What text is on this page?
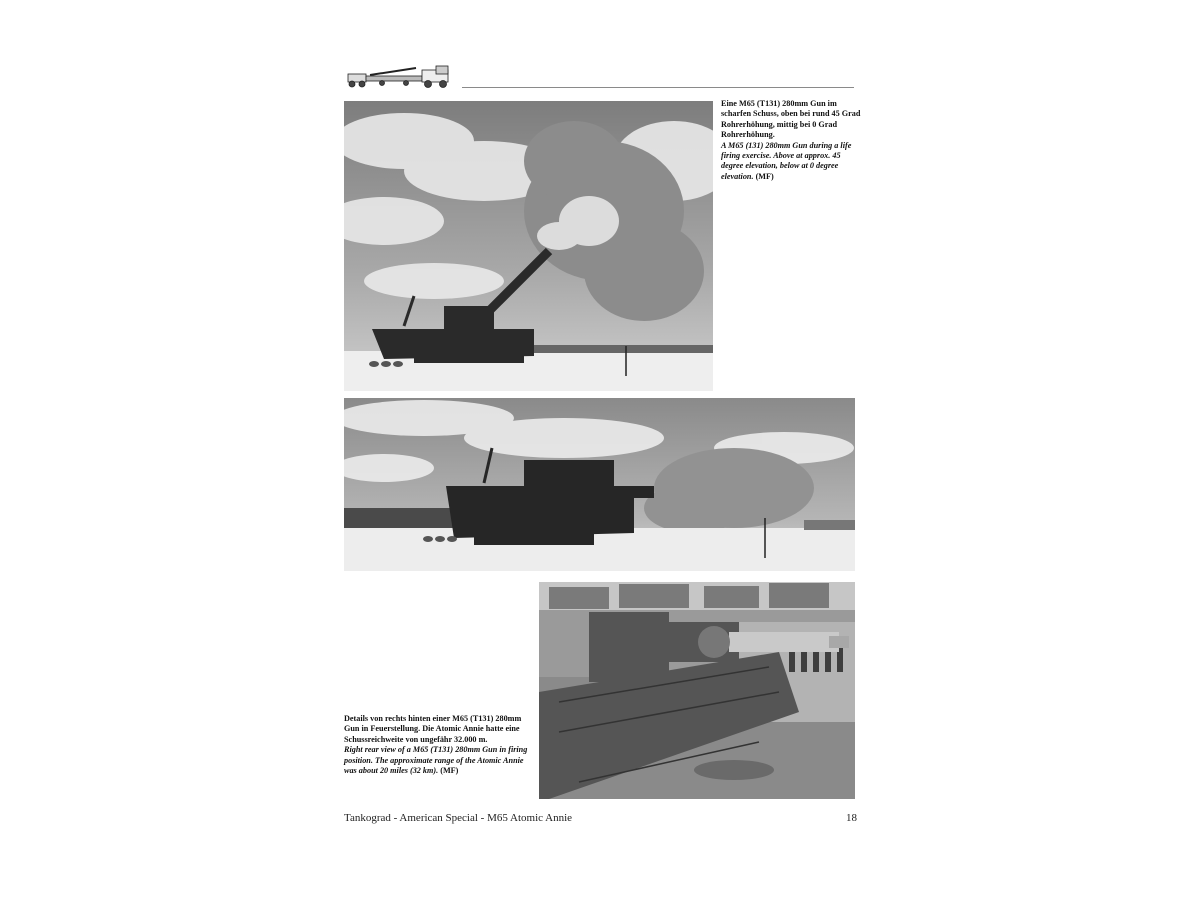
Eine M65 (T131) 280mm Gun im scharfen Schuss, oben bei rund 45 Grad Rohrerhöhung, mittig bei 0 Grad Rohrerhöhung.
A M65 (131) 280mm Gun during a life firing exercise. Above at approx. 45 degree elevation, below at 0 degree elevation. (MF)
Details von rechts hinten einer M65 (T131) 280mm Gun in Feuerstellung. Die Atomic Annie hatte eine Schussreichweite von ungefähr 32.000 m.
Right rear view of a M65 (T131) 280mm Gun in firing position. The approximate range of the Atomic Annie was about 20 miles (32 km). (MF)
Tankograd - American Special - M65 Atomic Annie	18
